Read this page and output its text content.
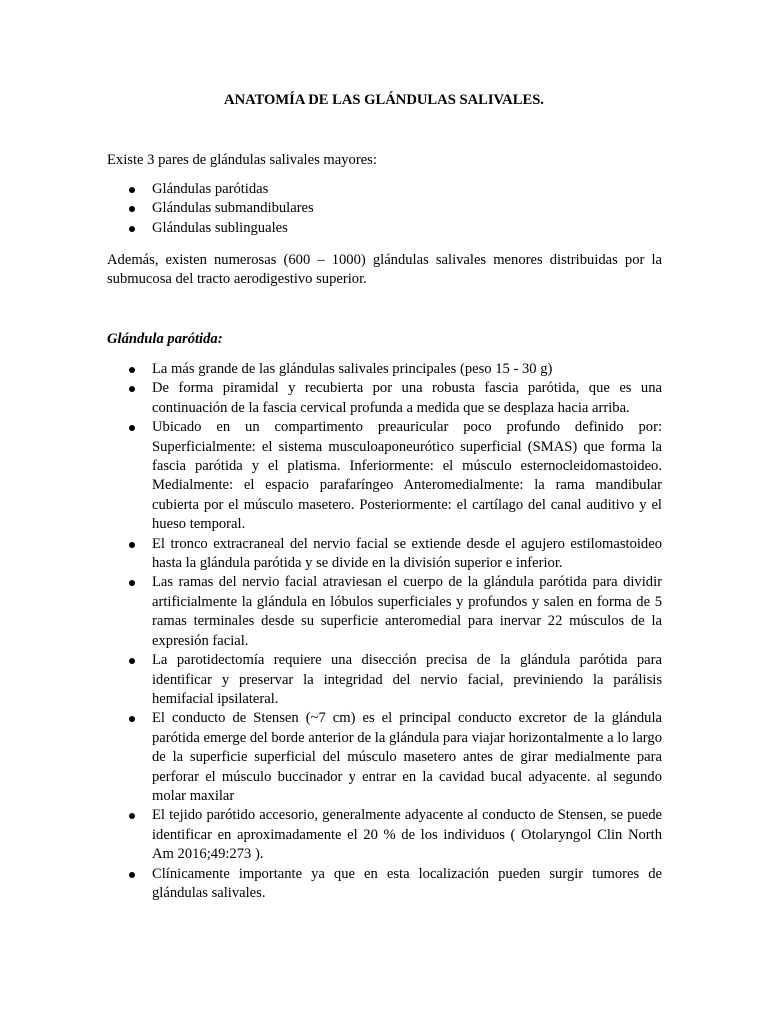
ANATOMÍA DE LAS GLÁNDULAS SALIVALES.

Existe 3 pares de glándulas salivales mayores:

Glándulas parótidas
Glándulas submandibulares
Glándulas sublinguales

Además, existen numerosas (600 – 1000) glándulas salivales menores distribuidas por la submucosa del tracto aerodigestivo superior.

Glándula parótida:

La más grande de las glándulas salivales principales (peso 15 - 30 g)
De forma piramidal y recubierta por una robusta fascia parótida, que es una continuación de la fascia cervical profunda a medida que se desplaza hacia arriba.
Ubicado en un compartimento preauricular poco profundo definido por: Superficialmente: el sistema musculoaponeurótico superficial (SMAS) que forma la fascia parótida y el platisma. Inferiormente: el músculo esternocleidomastoideo. Medialmente: el espacio parafaríngeo Anteromedialmente: la rama mandibular cubierta por el músculo masetero. Posteriormente: el cartílago del canal auditivo y el hueso temporal.
El tronco extracraneal del nervio facial se extiende desde el agujero estilomastoideo hasta la glándula parótida y se divide en la división superior e inferior.
Las ramas del nervio facial atraviesan el cuerpo de la glándula parótida para dividir artificialmente la glándula en lóbulos superficiales y profundos y salen en forma de 5 ramas terminales desde su superficie anteromedial para inervar 22 músculos de la expresión facial.
La parotidectomía requiere una disección precisa de la glándula parótida para identificar y preservar la integridad del nervio facial, previniendo la parálisis hemifacial ipsilateral.
El conducto de Stensen (~7 cm) es el principal conducto excretor de la glándula parótida emerge del borde anterior de la glándula para viajar horizontalmente a lo largo de la superficie superficial del músculo masetero antes de girar medialmente para perforar el músculo buccinador y entrar en la cavidad bucal adyacente. al segundo molar maxilar
El tejido parótido accesorio, generalmente adyacente al conducto de Stensen, se puede identificar en aproximadamente el 20 % de los individuos ( Otolaryngol Clin North Am 2016;49:273 ).
Clínicamente importante ya que en esta localización pueden surgir tumores de glándulas salivales.
